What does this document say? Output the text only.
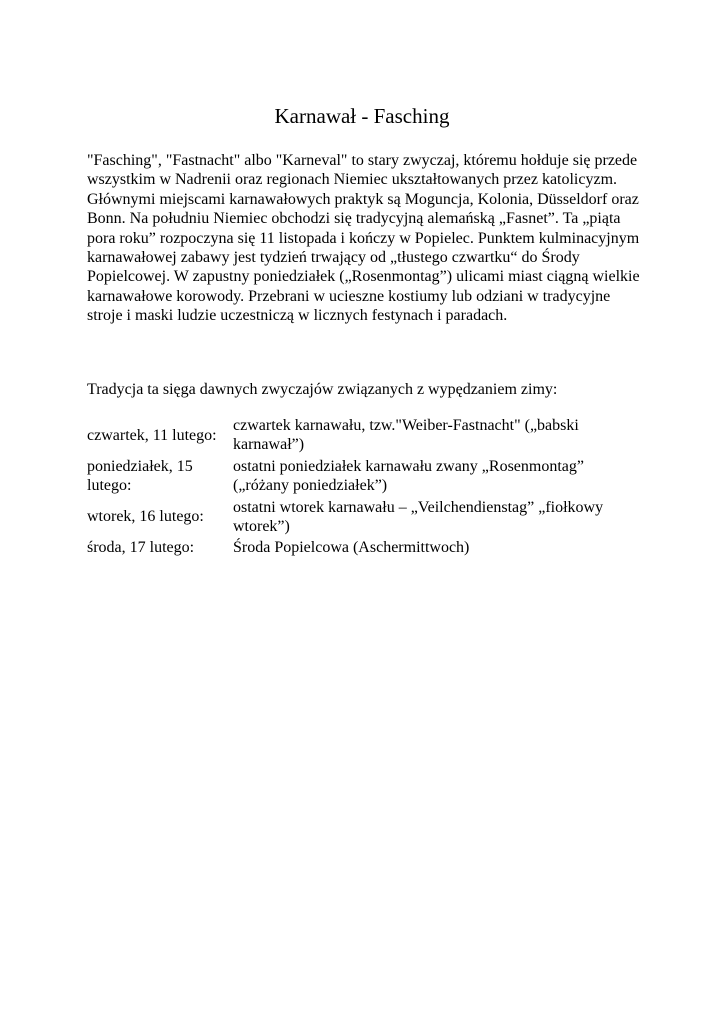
Karnawał - Fasching

"Fasching", "Fastnacht" albo "Karneval" to stary zwyczaj, któremu hołduje się przede wszystkim w Nadrenii oraz regionach Niemiec ukształtowanych przez katolicyzm. Głównymi miejscami karnawałowych praktyk są Moguncja, Kolonia, Düsseldorf oraz Bonn. Na południu Niemiec obchodzi się tradycyjną alemańską „Fasnet”. Ta „piąta pora roku” rozpoczyna się 11 listopada i kończy w Popielec. Punktem kulminacyjnym karnawałowej zabawy jest tydzień trwający od „tłustego czwartku“ do Środy Popielcowej. W zapustny poniedziałek („Rosenmontag”) ulicami miast ciągną wielkie karnawałowe korowody. Przebrani w ucieszne kostiumy lub odziani w tradycyjne stroje i maski ludzie uczestniczą w licznych festynach i paradach.

Tradycja ta sięga dawnych zwyczajów związanych z wypędzaniem zimy:

czwartek, 11 lutego:	czwartek karnawału, tzw."Weiber-Fastnacht" („babski karnawał”)
poniedziałek, 15 lutego:	ostatni poniedziałek karnawału zwany „Rosenmontag” („różany poniedziałek”)
wtorek, 16 lutego:	ostatni wtorek karnawału – „Veilchendienstag” „fiołkowy wtorek”)
środa, 17 lutego:	Środa Popielcowa (Aschermittwoch)
